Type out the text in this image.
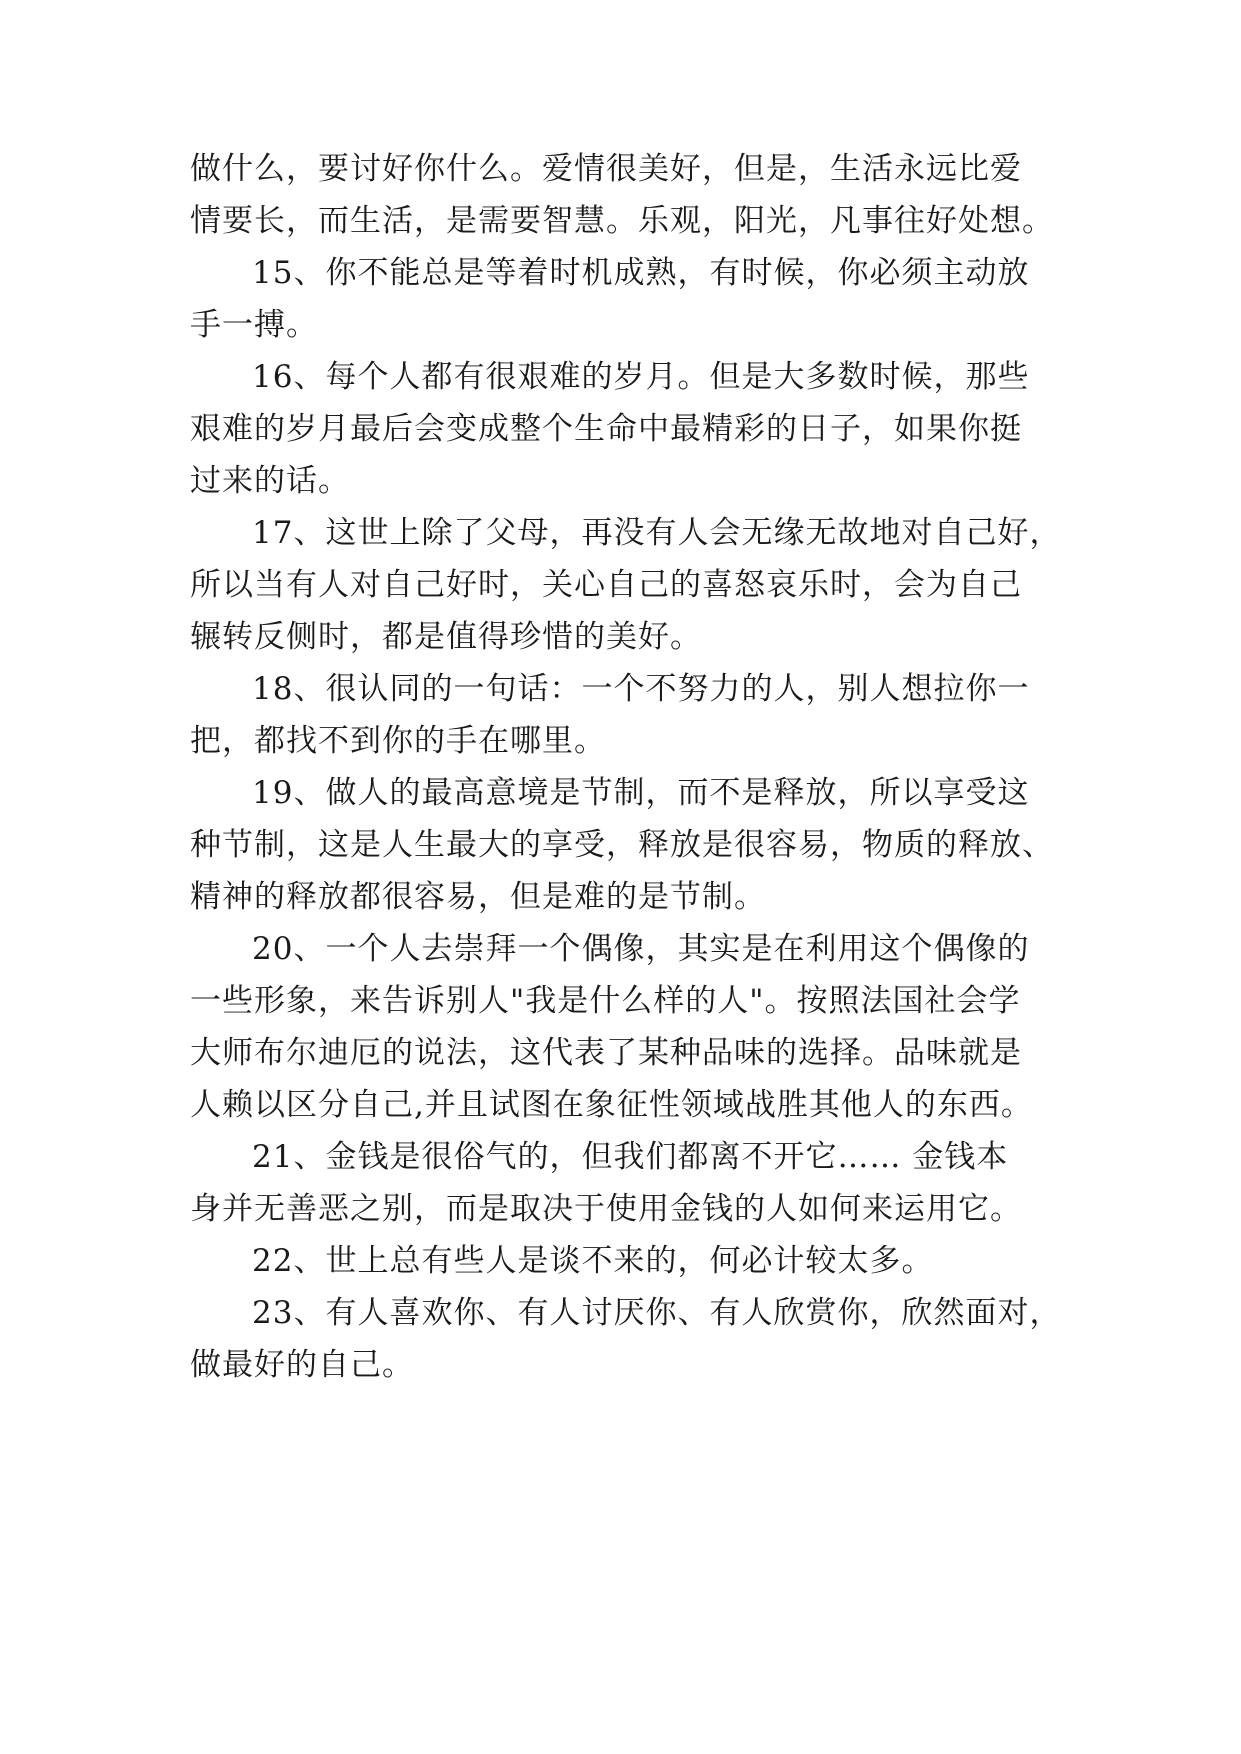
做什么，要讨好你什么。爱情很美好，但是，生活永远比爱
情要长，而生活，是需要智慧。乐观，阳光，凡事往好处想。
15、你不能总是等着时机成熟，有时候，你必须主动放
手一搏。
16、每个人都有很艰难的岁月。但是大多数时候，那些
艰难的岁月最后会变成整个生命中最精彩的日子，如果你挺
过来的话。
17、这世上除了父母，再没有人会无缘无故地对自己好，
所以当有人对自己好时，关心自己的喜怒哀乐时，会为自己
辗转反侧时，都是值得珍惜的美好。
18、很认同的一句话：一个不努力的人，别人想拉你一
把，都找不到你的手在哪里。
19、做人的最高意境是节制，而不是释放，所以享受这
种节制，这是人生最大的享受，释放是很容易，物质的释放、
精神的释放都很容易，但是难的是节制。
20、一个人去崇拜一个偶像，其实是在利用这个偶像的
一些形象，来告诉别人"我是什么样的人"。按照法国社会学
大师布尔迪厄的说法，这代表了某种品味的选择。品味就是
人赖以区分自己,并且试图在象征性领域战胜其他人的东西。
21、金钱是很俗气的，但我们都离不开它…… 金钱本
身并无善恶之别，而是取决于使用金钱的人如何来运用它。
22、世上总有些人是谈不来的，何必计较太多。
23、有人喜欢你、有人讨厌你、有人欣赏你，欣然面对，
做最好的自己。
